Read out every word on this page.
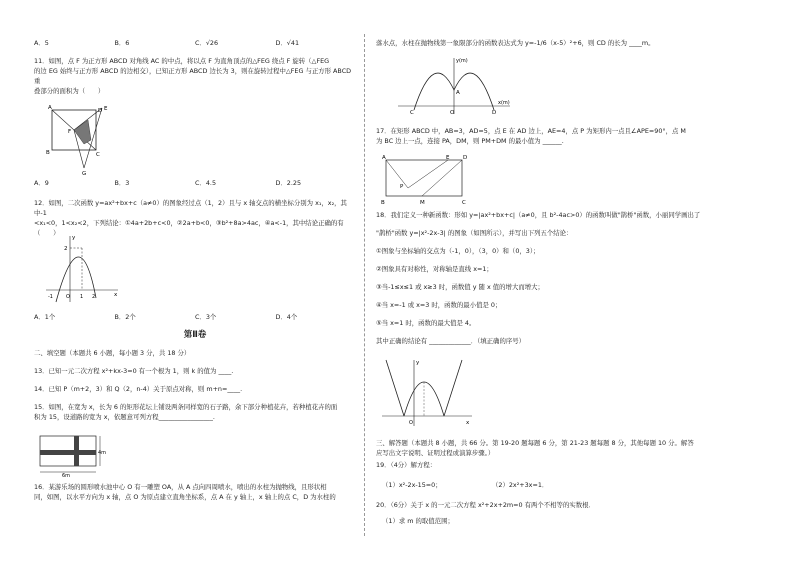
A．5	B．6	C．√26	D．√41
11．如图，点 F 为正方形 ABCD 对角线 AC 的中点，将以点 F 为直角顶点的△FEG 绕点 F 旋转（△FEG
的边 EG 始终与正方形 ABCD 的边相交），已知正方形 ABCD 边长为 3，则在旋转过程中△FEG 与正方形 ABCD 重
叠部分的面积为（　　）
A	D E
F
B	C
G
A．9	B．3	C．4.5	D．2.25
12．如图，二次函数 y=ax²+bx+c（a≠0）的图象经过点（1，2）且与 x 轴交点的横坐标分别为 x₁，x₂，其中-1
<x₁<0，1<x₂<2，下列结论：①4a+2b+c<0，②2a+b<0，③b²+8a>4ac，④a<-1，其中结论正确的有
（　　）
y
x
2
O
-1	1 2
A．1个	B．2个	C．3个	D．4个
第Ⅱ卷
二、填空题（本题共 6 小题，每小题 3 分，共 18 分）
13．已知一元二次方程 x²+kx-3=0 有一个根为 1，则 k 的值为 ____.
14．已知 P（m+2，3）和 Q（2，n-4）关于原点对称，则 m+n=____.
15．如图，在宽为 x，长为 6 的矩形花坛上铺设两条同样宽的石子路，余下部分种植花卉，若种植花卉的面
积为 15，设道路的宽为 x，依题意可列方程_________________.
4m
6m
16．某游乐场的圆形喷水池中心 O 有一雕塑 OA，从 A 点向四周喷水，喷出的水柱为抛物线，且形状相
同，如图，以水平方向为 x 轴，点 O 为原点建立直角坐标系，点 A 在 y 轴上，x 轴上的点 C，D 为水柱的
落水点，水柱在抛物线第一象限部分的函数表达式为 y=-1/6（x-5）²+6，则 CD 的长为 ____m。
y(m)
x(m)
A
C	O	D
17．在矩形 ABCD 中，AB=3，AD=5，点 E 在 AD 边上，AE=4，点 P 为矩形内一点且∠APE=90°，点 M
为 BC 边上一点，连接 PA，DM，则 PM+DM 的最小值为 ______.
A	E D
P
B	M	C
18．我们定义一种新函数：形如 y=|ax²+bx+c|（a≠0，且 b²-4ac>0）的函数叫做"鹊桥"函数，小丽同学画出了
"鹊桥"函数 y=|x²-2x-3| 的图象（如图所示），并写出下列五个结论：
①图象与坐标轴的交点为（-1，0），（3，0）和（0，3）；
②图象具有对称性，对称轴是直线 x=1；
③当-1≤x≤1 或 x≥3 时，函数值 y 随 x 值的增大而增大；
④当 x=-1 或 x=3 时，函数的最小值是 0；
⑤当 x=1 时，函数的最大值是 4。
其中正确的结论有 _____________．（填正确的序号）
y
x
O
三、解答题（本题共 8 小题，共 66 分。第 19-20 题每题 6 分，第 21-23 题每题 8 分，其他每题 10 分。解答
应写出文字说明、证明过程或演算步骤。）
19．（4分）解方程：
（1）x²-2x-15=0；	（2）2x²+3x=1．
20．（6分）关于 x 的一元二次方程 x²+2x+2m=0 有两个不相等的实数根．
（1）求 m 的取值范围；
